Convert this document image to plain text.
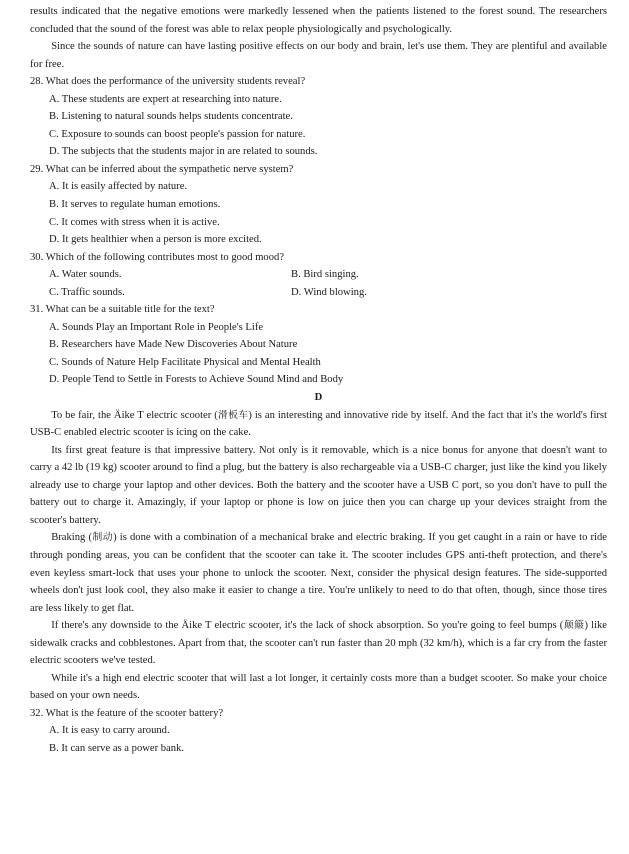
results indicated that the negative emotions were markedly lessened when the patients listened to the forest sound. The researchers concluded that the sound of the forest was able to relax people physiologically and psychologically.

Since the sounds of nature can have lasting positive effects on our body and brain, let's use them. They are plentiful and available for free.

28. What does the performance of the university students reveal?

A. These students are expert at researching into nature.

B. Listening to natural sounds helps students concentrate.

C. Exposure to sounds can boost people's passion for nature.

D. The subjects that the students major in are related to sounds.

29. What can be inferred about the sympathetic nerve system?

A. It is easily affected by nature.

B. It serves to regulate human emotions.

C. It comes with stress when it is active.

D. It gets healthier when a person is more excited.

30. Which of the following contributes most to good mood?

A. Water sounds.	B. Bird singing.
C. Traffic sounds.	D. Wind blowing.

31. What can be a suitable title for the text?

A. Sounds Play an Important Role in People's Life

B. Researchers have Made New Discoveries About Nature

C. Sounds of Nature Help Facilitate Physical and Mental Health

D. People Tend to Settle in Forests to Achieve Sound Mind and Body

D

To be fair, the Äike T electric scooter (滑板车) is an interesting and innovative ride by itself. And the fact that it's the world's first USB-C enabled electric scooter is icing on the cake.

Its first great feature is that impressive battery. Not only is it removable, which is a nice bonus for anyone that doesn't want to carry a 42 lb (19 kg) scooter around to find a plug, but the battery is also rechargeable via a USB-C charger, just like the kind you likely already use to charge your laptop and other devices. Both the battery and the scooter have a USB C port, so you don't have to pull the battery out to charge it. Amazingly, if your laptop or phone is low on juice then you can charge up your devices straight from the scooter's battery.

Braking (制动) is done with a combination of a mechanical brake and electric braking. If you get caught in a rain or have to ride through ponding areas, you can be confident that the scooter can take it. The scooter includes GPS anti-theft protection, and there's even keyless smart-lock that uses your phone to unlock the scooter. Next, consider the physical design features. The side-supported wheels don't just look cool, they also make it easier to change a tire. You're unlikely to need to do that often, though, since those tires are less likely to get flat.

If there's any downside to the Äike T electric scooter, it's the lack of shock absorption. So you're going to feel bumps (颠簸) like sidewalk cracks and cobblestones. Apart from that, the scooter can't run faster than 20 mph (32 km/h), which is a far cry from the faster electric scooters we've tested.

While it's a high end electric scooter that will last a lot longer, it certainly costs more than a budget scooter. So make your choice based on your own needs.

32. What is the feature of the scooter battery?

A. It is easy to carry around.

B. It can serve as a power bank.
